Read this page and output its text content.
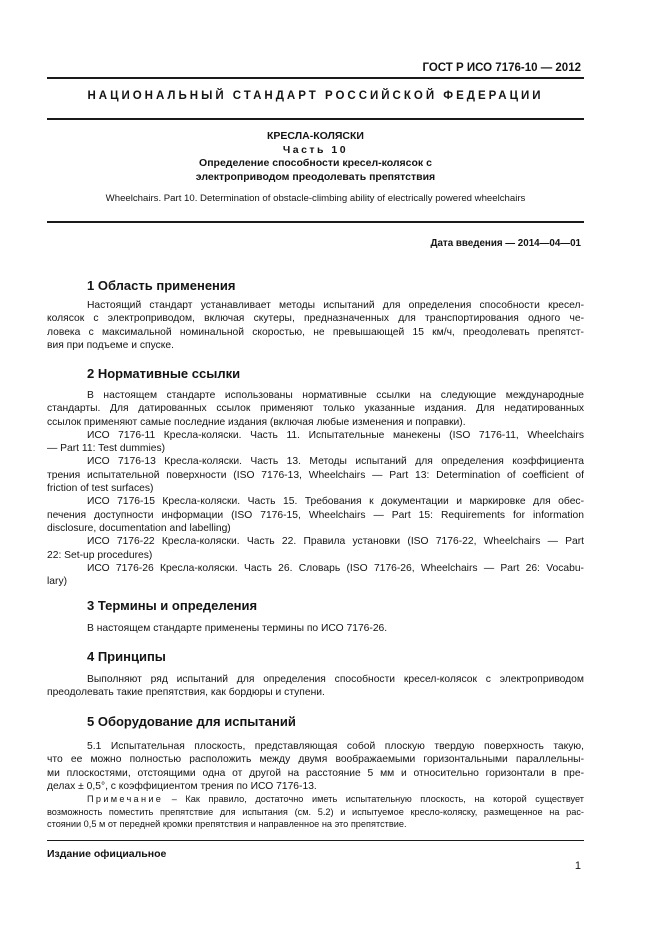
ГОСТ Р ИСО 7176-10 — 2012
НАЦИОНАЛЬНЫЙ СТАНДАРТ РОССИЙСКОЙ ФЕДЕРАЦИИ
КРЕСЛА-КОЛЯСКИ
Часть 10
Определение способности кресел-колясок с
электроприводом преодолевать препятствия
Wheelchairs. Part 10. Determination of obstacle-climbing ability of electrically powered wheelchairs
Дата введения — 2014—04—01
1 Область применения
Настоящий стандарт устанавливает методы испытаний для определения способности кресел-
колясок с электроприводом, включая скутеры, предназначенных для транспортирования одного че-
ловека с максимальной номинальной скоростью, не превышающей 15 км/ч, преодолевать препятст-
вия при подъеме и спуске.
2 Нормативные ссылки
В настоящем стандарте использованы нормативные ссылки на следующие международные
стандарты. Для датированных ссылок применяют только указанные издания. Для недатированных
ссылок применяют самые последние издания (включая любые изменения и поправки).
ИСО 7176-11 Кресла-коляски. Часть 11. Испытательные манекены (ISO 7176-11, Wheelchairs
— Part 11: Test dummies)
ИСО 7176-13 Кресла-коляски. Часть 13. Методы испытаний для определения коэффициента
трения испытательной поверхности (ISO 7176-13, Wheelchairs — Part 13: Determination of coefficient of
friction of test surfaces)
ИСО 7176-15 Кресла-коляски. Часть 15. Требования к документации и маркировке для обес-
печения доступности информации (ISO 7176-15, Wheelchairs — Part 15: Requirements for information
disclosure, documentation and labelling)
ИСО 7176-22 Кресла-коляски. Часть 22. Правила установки (ISO 7176-22, Wheelchairs — Part
22: Set-up procedures)
ИСО 7176-26 Кресла-коляски. Часть 26. Словарь (ISO 7176-26, Wheelchairs — Part 26: Vocabu-
lary)
3 Термины и определения
В настоящем стандарте применены термины по ИСО 7176-26.
4 Принципы
Выполняют ряд испытаний для определения способности кресел-колясок с электроприводом
преодолевать такие препятствия, как бордюры и ступени.
5 Оборудование для испытаний
5.1 Испытательная плоскость, представляющая собой плоскую твердую поверхность такую,
что ее можно полностью расположить между двумя воображаемыми горизонтальными параллельны-
ми плоскостями, отстоящими одна от другой на расстояние 5 мм и относительно горизонтали в пре-
делах ± 0,5°, с коэффициентом трения по ИСО 7176-13.
Примечание – Как правило, достаточно иметь испытательную плоскость, на которой существует
возможность поместить препятствие для испытания (см. 5.2) и испытуемое кресло-коляску, размещенное на рас-
стоянии 0,5 м от передней кромки препятствия и направленное на это препятствие.
Издание официальное
1
